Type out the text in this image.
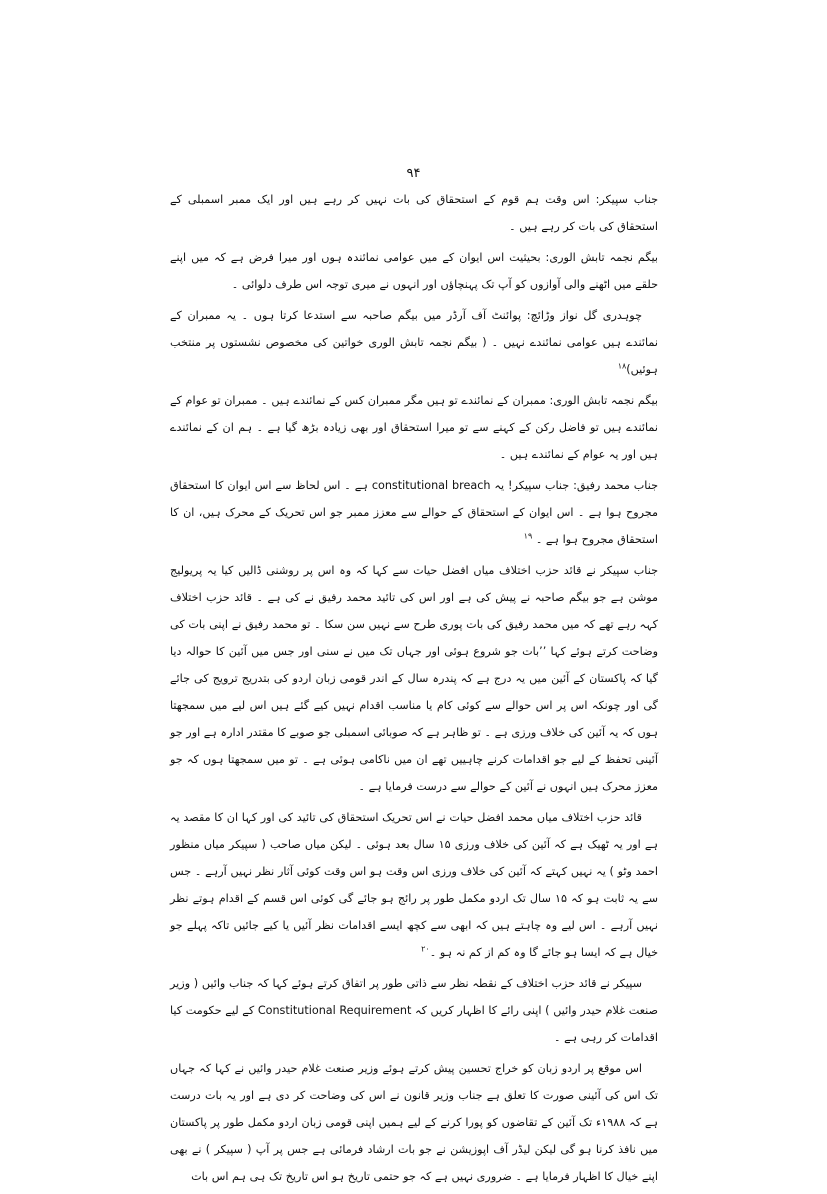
۹۴

جناب سپیکر: اس وقت ہم قوم کے استحقاق کی بات نہیں کر رہے ہیں اور ایک ممبر اسمبلی کے استحقاق کی بات کر رہے ہیں ۔

بیگم نجمہ تابش الوری: بحیثیت اس ایوان کے میں عوامی نمائندہ ہوں اور میرا فرض ہے کہ میں اپنے حلقے میں اٹھنے والی آوازوں کو آپ تک پہنچاؤں اور انہوں نے میری توجہ اس طرف دلوائی ۔

چوہدری گل نواز وڑائچ: پوائنٹ آف آرڈر میں بیگم صاحبہ سے استدعا کرتا ہوں ۔ یہ ممبران کے نمائندے ہیں عوامی نمائندے نہیں ۔ ( بیگم نجمہ تابش الوری خواتین کی مخصوص نشستوں پر منتخب ہوئیں)$^{۱۸}$

بیگم نجمہ تابش الوری: ممبران کے نمائندے تو ہیں مگر ممبران کس کے نمائندے ہیں ۔ ممبران تو عوام کے نمائندے ہیں تو فاضل رکن کے کہنے سے تو میرا استحقاق اور بھی زیادہ بڑھ گیا ہے ۔ ہم ان کے نمائندے ہیں اور یہ عوام کے نمائندے ہیں ۔

جناب محمد رفیق: جناب سپیکر! یہ constitutional breach ہے ۔ اس لحاظ سے اس ایوان کا استحقاق مجروح ہوا ہے ۔ اس ایوان کے استحقاق کے حوالے سے معزز ممبر جو اس تحریک کے محرک ہیں، ان کا استحقاق مجروح ہوا ہے ۔ $^{۱۹}$

جناب سپیکر نے قائد حزب اختلاف میاں افضل حیات سے کہا کہ وہ اس پر روشنی ڈالیں کیا یہ پریولیج موشن ہے جو بیگم صاحبہ نے پیش کی ہے اور اس کی تائید محمد رفیق نے کی ہے ۔ قائد حزب اختلاف کہہ رہے تھے کہ میں محمد رفیق کی بات پوری طرح سے نہیں سن سکا ۔ تو محمد رفیق نے اپنی بات کی وضاحت کرتے ہوئے کہا ’’بات جو شروع ہوئی اور جہاں تک میں نے سنی اور جس میں آئین کا حوالہ دیا گیا کہ پاکستان کے آئین میں یہ درج ہے کہ پندرہ سال کے اندر قومی زبان اردو کی بتدریج ترویج کی جائے گی اور چونکہ اس پر اس حوالے سے کوئی کام یا مناسب اقدام نہیں کیے گئے ہیں اس لیے میں سمجھتا ہوں کہ یہ آئین کی خلاف ورزی ہے ۔ تو ظاہر ہے کہ صوبائی اسمبلی جو صوبے کا مقتدر ادارہ ہے اور جو آئینی تحفظ کے لیے جو اقدامات کرنے چاہییں تھے ان میں ناکامی ہوئی ہے ۔ تو میں سمجھتا ہوں کہ جو معزز محرک ہیں انہوں نے آئین کے حوالے سے درست فرمایا ہے ۔

قائد حزب اختلاف میاں محمد افضل حیات نے اس تحریک استحقاق کی تائید کی اور کہا ان کا مقصد یہ ہے اور یہ ٹھیک ہے کہ آئین کی خلاف ورزی ۱۵ سال بعد ہوئی ۔ لیکن میاں صاحب ( سپیکر میاں منظور احمد وٹو ) یہ نہیں کہتے کہ آئین کی خلاف ورزی اس وقت ہو اس وقت کوئی آثار نظر نہیں آرہے ۔ جس سے یہ ثابت ہو کہ ۱۵ سال تک اردو مکمل طور پر رائج ہو جائے گی کوئی اس قسم کے اقدام ہوتے نظر نہیں آرہے ۔ اس لیے وہ چاہتے ہیں کہ ابھی سے کچھ ایسے اقدامات نظر آئیں یا کیے جائیں تاکہ پہلے جو خیال ہے کہ ایسا ہو جائے گا وہ کم از کم نہ ہو ۔$^{۲۰}$

سپیکر نے قائد حزب اختلاف کے نقطہ نظر سے ذاتی طور پر اتفاق کرتے ہوئے کہا کہ جناب وائیں ( وزیر صنعت غلام حیدر وائیں ) اپنی رائے کا اظہار کریں کہ Constitutional Requirement کے لیے حکومت کیا اقدامات کر رہی ہے ۔

اس موقع پر اردو زبان کو خراج تحسین پیش کرتے ہوئے وزیر صنعت غلام حیدر وائیں نے کہا کہ جہاں تک اس کی آئینی صورت کا تعلق ہے جناب وزیر قانون نے اس کی وضاحت کر دی ہے اور یہ بات درست ہے کہ ۱۹۸۸ء تک آئین کے تقاضوں کو پورا کرنے کے لیے ہمیں اپنی قومی زبان اردو مکمل طور پر پاکستان میں نافذ کرنا ہو گی لیکن لیڈر آف اپوزیشن نے جو بات ارشاد فرمائی ہے جس پر آپ ( سپیکر ) نے بھی اپنے خیال کا اظہار فرمایا ہے ۔ ضروری نہیں ہے کہ جو حتمی تاریخ ہو اس تاریخ تک ہی ہم اس بات
